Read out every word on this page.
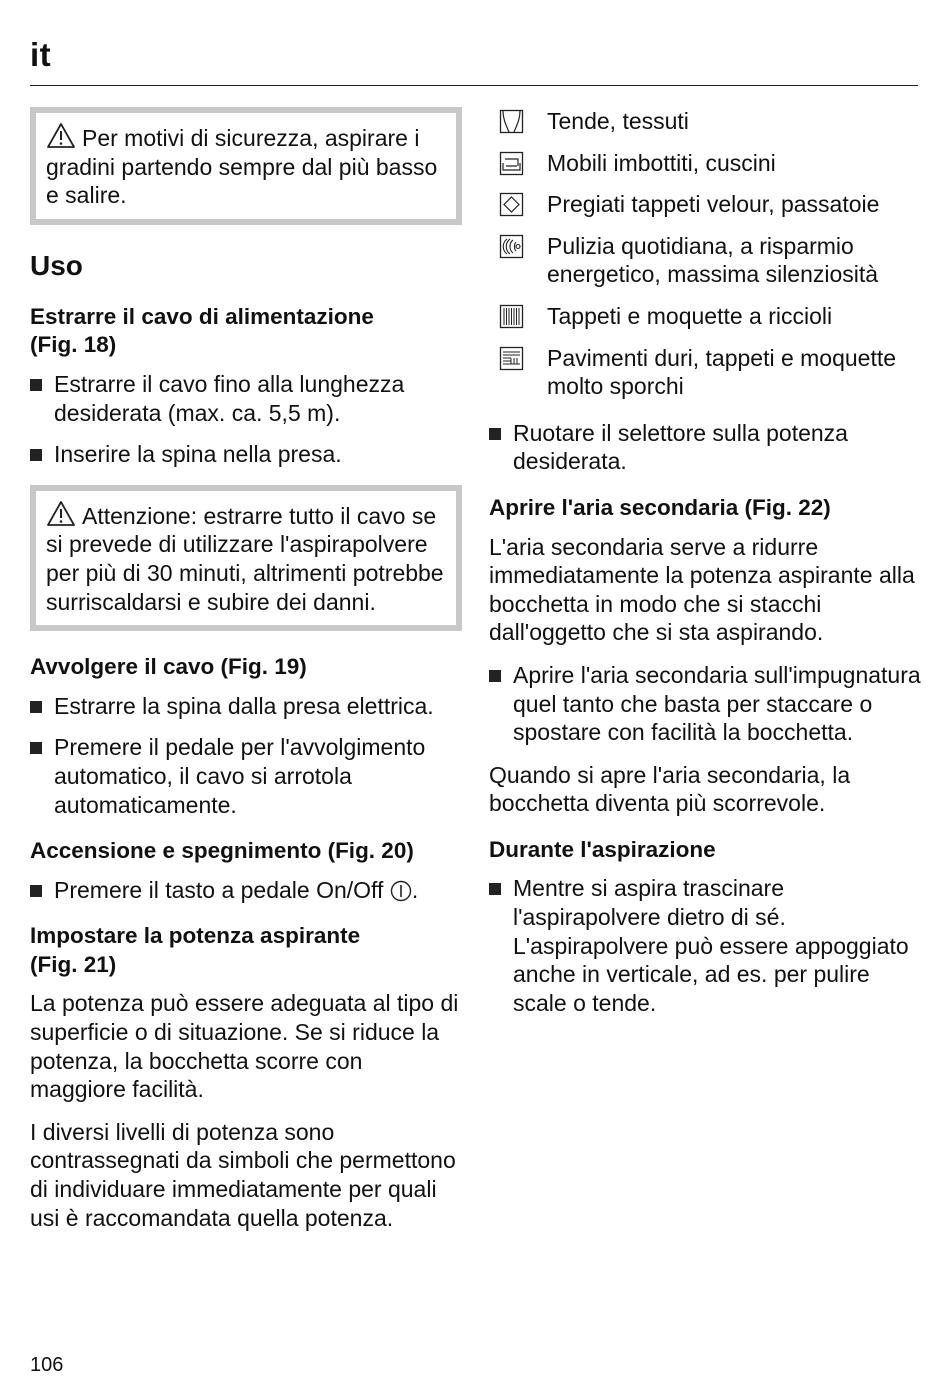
it
Per motivi di sicurezza, aspirare i gradini partendo sempre dal più basso e salire.
Uso
Estrarre il cavo di alimentazione
(Fig. 18)
Estrarre il cavo fino alla lunghezza desiderata (max. ca. 5,5 m).
Inserire la spina nella presa.
Attenzione: estrarre tutto il cavo se si prevede di utilizzare l'aspirapolvere per più di 30 minuti, altrimenti potrebbe surriscaldarsi e subire dei danni.
Avvolgere il cavo (Fig. 19)
Estrarre la spina dalla presa elettrica.
Premere il pedale per l'avvolgimento automatico, il cavo si arrotola automaticamente.
Accensione e spegnimento (Fig. 20)
Premere il tasto a pedale On/Off .
Impostare la potenza aspirante
(Fig. 21)
La potenza può essere adeguata al tipo di superficie o di situazione. Se si riduce la potenza, la bocchetta scorre con maggiore facilità.
I diversi livelli di potenza sono contrassegnati da simboli che permettono di individuare immediatamente per quali usi è raccomandata quella potenza.
Tende, tessuti
Mobili imbottiti, cuscini
Pregiati tappeti velour, passatoie
Pulizia quotidiana, a risparmio energetico, massima silenziosità
Tappeti e moquette a riccioli
Pavimenti duri, tappeti e moquette molto sporchi
Ruotare il selettore sulla potenza desiderata.
Aprire l'aria secondaria (Fig. 22)
L'aria secondaria serve a ridurre immediatamente la potenza aspirante alla bocchetta in modo che si stacchi dall'oggetto che si sta aspirando.
Aprire l'aria secondaria sull'impugnatura quel tanto che basta per staccare o spostare con facilità la bocchetta.
Quando si apre l'aria secondaria, la bocchetta diventa più scorrevole.
Durante l'aspirazione
Mentre si aspira trascinare l'aspirapolvere dietro di sé. L'aspirapolvere può essere appoggiato anche in verticale, ad es. per pulire scale o tende.
106
